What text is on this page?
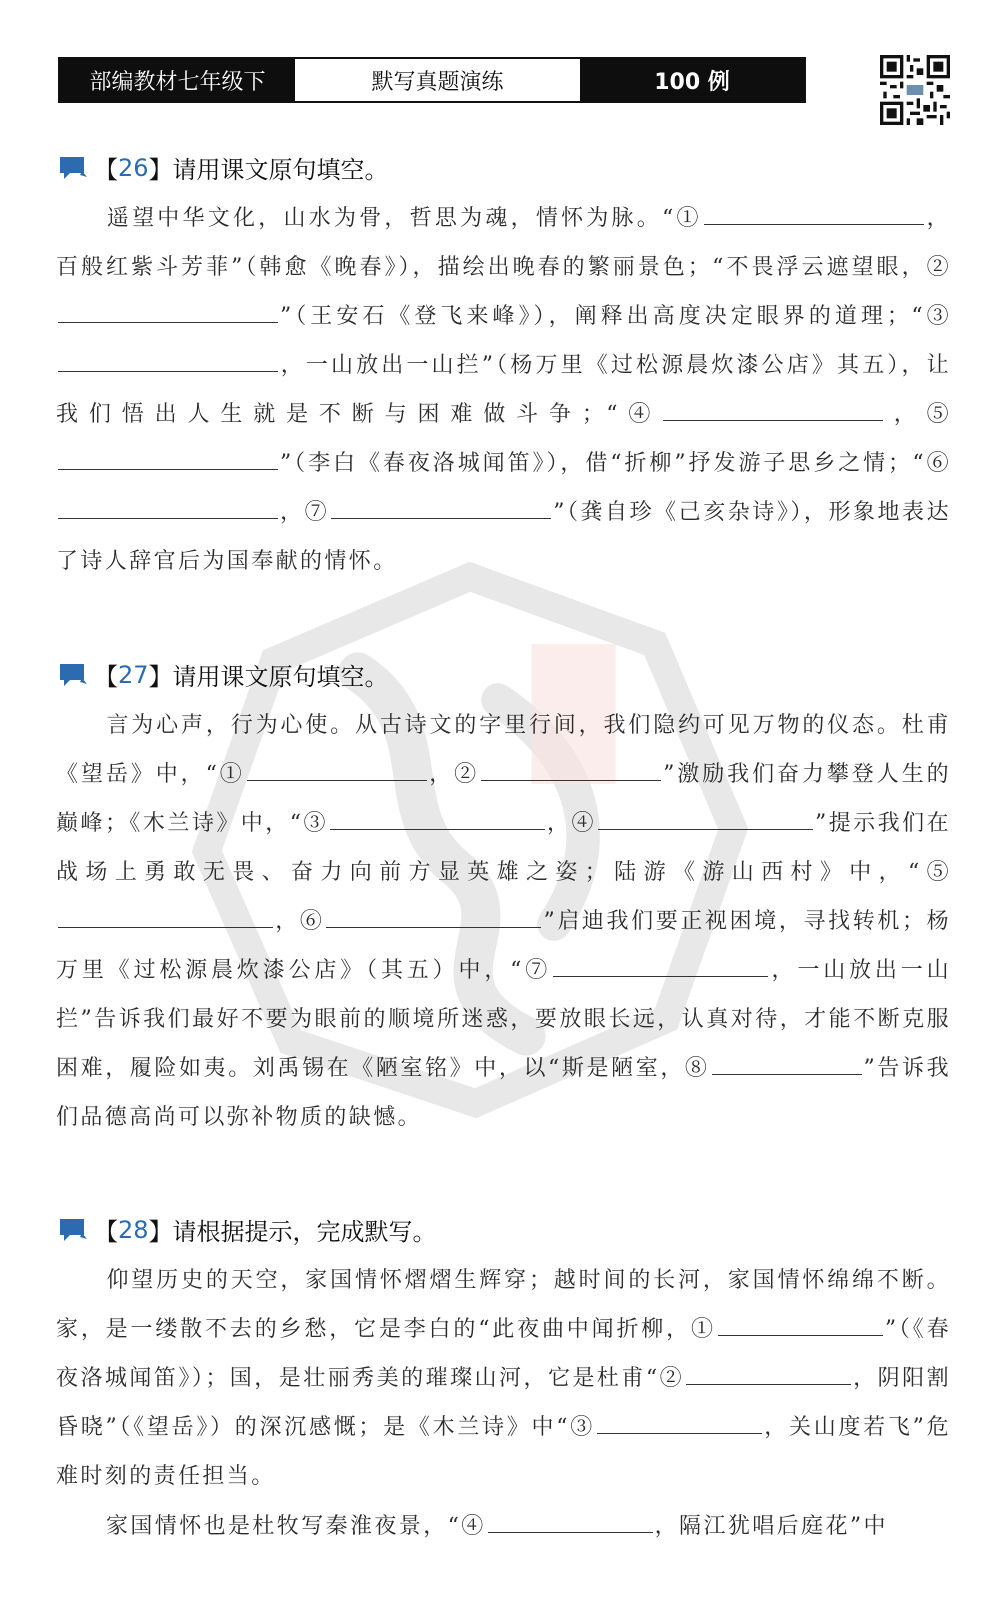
部编教材七年级下	默写真题演练	100 例
【 26 】 请用课文原句填空。

遥望中华文化，山水为骨，哲思为魂，情怀为脉。“①	，百般红紫斗芳菲”（韩愈《晚春》），描绘出晚春的繁丽景色；“不畏浮云遮望眼，②”（王安石《登飞来峰》），阐释出高度决定眼界的道理；“③，一山放出一山拦”（杨万里《过松源晨炊漆公店》其五），让我们悟出人生就是不断与困难做斗争；“④	，⑤”（李白《春夜洛城闻笛》），借“折柳”抒发游子思乡之情；“⑥，⑦	”（龚自珍《己亥杂诗》），形象地表达了诗人辞官后为国奉献的情怀。

【 27 】 请用课文原句填空。

言为心声，行为心使。从古诗文的字里行间，我们隐约可见万物的仪态。杜甫《望岳》中，“①	，②	”激励我们奋力攀登人生的巅峰；《木兰诗》中，“③	，④	”提示我们在战场上勇敢无畏、奋力向前方显英雄之姿；陆游《游山西村》中，“⑤，⑥	”启迪我们要正视困境，寻找转机；杨万里《过松源晨炊漆公店》（其五）中，“⑦	，一山放出一山拦”告诉我们最好不要为眼前的顺境所迷惑，要放眼长远，认真对待，才能不断克服困难，履险如夷。刘禹锡在《陋室铭》中，以“斯是陋室，⑧	”告诉我们品德高尚可以弥补物质的缺憾。

【 28 】 请根据提示，完成默写。

仰望历史的天空，家国情怀熠熠生辉穿；越时间的长河，家国情怀绵绵不断。家，是一缕散不去的乡愁，它是李白的“此夜曲中闻折柳，①	”（《春夜洛城闻笛》）；国，是壮丽秀美的璀璨山河，它是杜甫“②	，阴阳割昏晓”（《望岳》）的深沉感慨；是《木兰诗》中“③	，关山度若飞”危难时刻的责任担当。

家国情怀也是杜牧写秦淮夜景，“④	，隔江犹唱后庭花”中
